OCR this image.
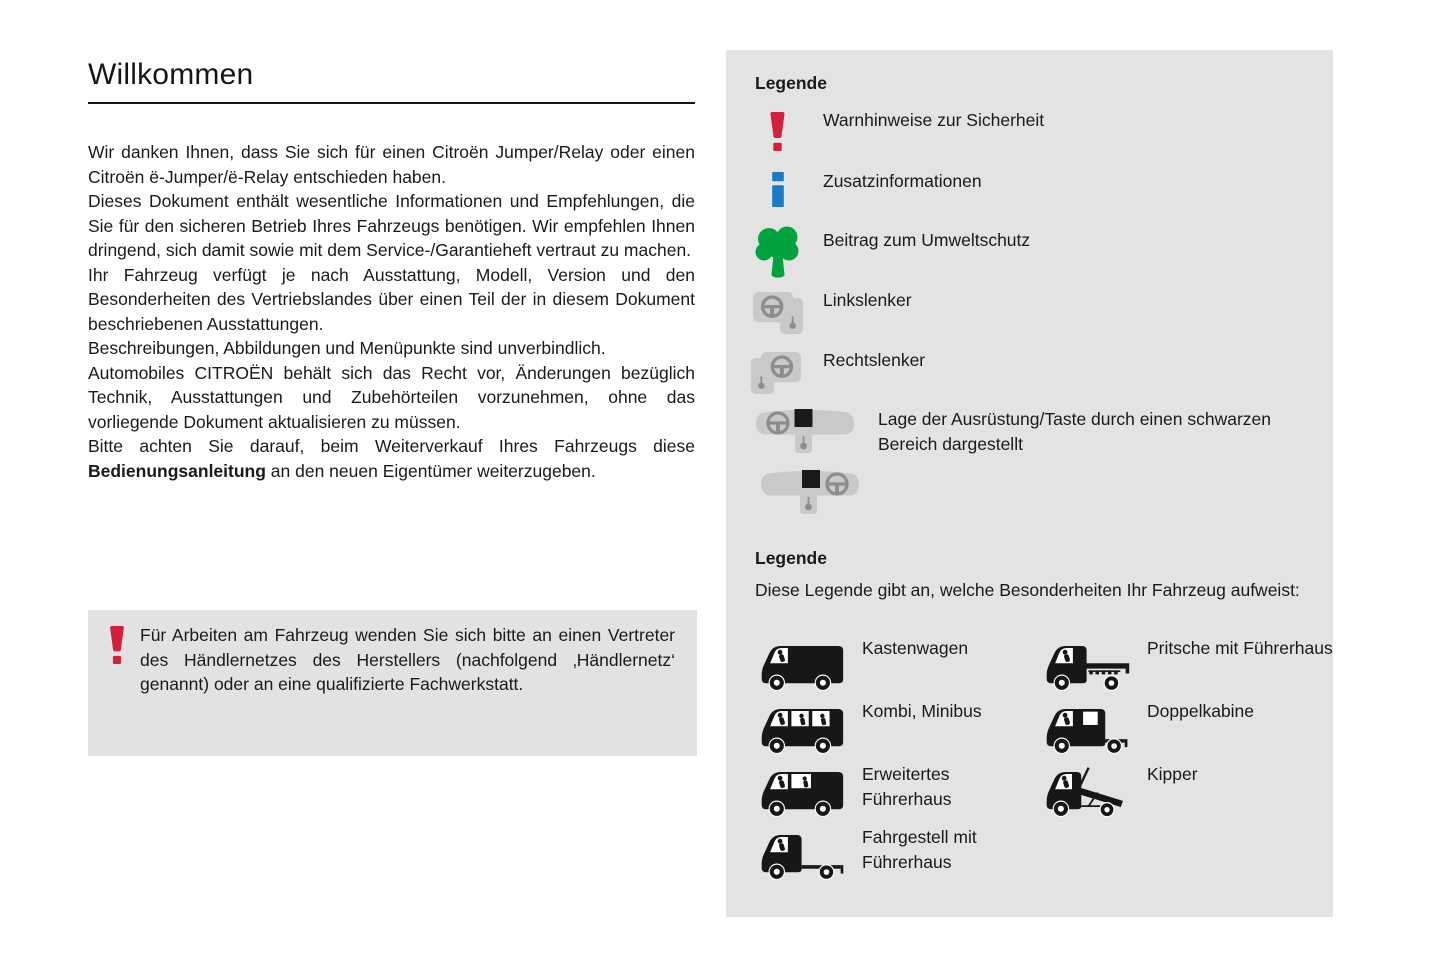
Willkommen

Wir danken Ihnen, dass Sie sich für einen Citroën Jumper/Relay oder einen Citroën ë-Jumper/ë-Relay entschieden haben.

Dieses Dokument enthält wesentliche Informationen und Empfehlungen, die Sie für den sicheren Betrieb Ihres Fahrzeugs benötigen. Wir empfehlen Ihnen dringend, sich damit sowie mit dem Service-/Garantieheft vertraut zu machen.

Ihr Fahrzeug verfügt je nach Ausstattung, Modell, Version und den Besonderheiten des Vertriebslandes über einen Teil der in diesem Dokument beschriebenen Ausstattungen.

Beschreibungen, Abbildungen und Menüpunkte sind unverbindlich.

Automobiles CITROËN behält sich das Recht vor, Änderungen bezüglich Technik, Ausstattungen und Zubehörteilen vorzunehmen, ohne das vorliegende Dokument aktualisieren zu müssen.

Bitte achten Sie darauf, beim Weiterverkauf Ihres Fahrzeugs diese Bedienungsanleitung an den neuen Eigentümer weiterzugeben.

Für Arbeiten am Fahrzeug wenden Sie sich bitte an einen Vertreter des Händlernetzes des Herstellers (nachfolgend ‚Händlernetz‘ genannt) oder an eine qualifizierte Fachwerkstatt.
Legende
Warnhinweise zur Sicherheit
Zusatzinformationen
Beitrag zum Umweltschutz
Linkslenker
Rechtslenker
Lage der Ausrüstung/Taste durch einen schwarzen Bereich dargestellt
Legende
Diese Legende gibt an, welche Besonderheiten Ihr Fahrzeug aufweist:
Kastenwagen	Pritsche mit Führerhaus
Kombi, Minibus	Doppelkabine
Erweitertes Führerhaus
Kipper
Fahrgestell mit Führerhaus
